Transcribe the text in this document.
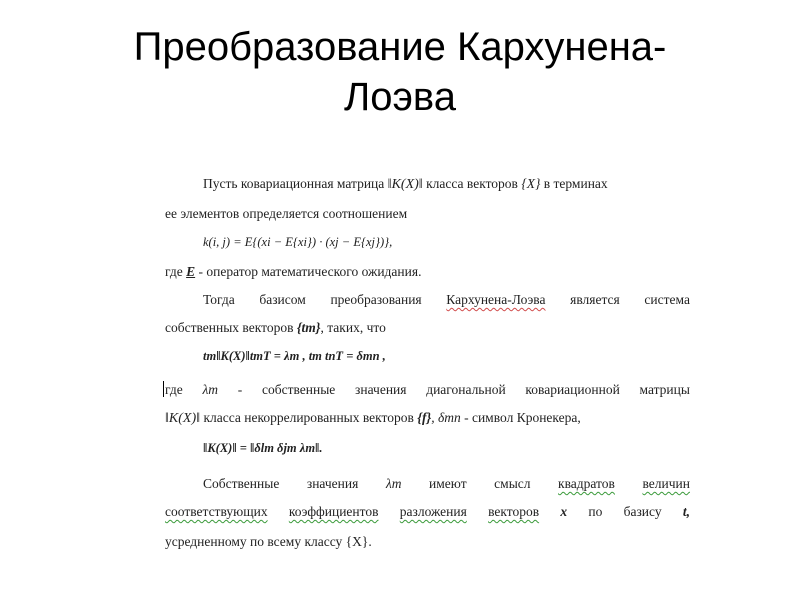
Преобразование Кархунена-
Лоэва
Пусть ковариационная матрица ‖K(X)‖ класса векторов {X} в терминах
ее элементов определяется соотношением
k(i, j) = E{(xi − E{xi}) · (xj − E{xj})},
где E - оператор математического ожидания.
Тогда базисом преобразования Кархунена-Лоэва является система
собственных векторов {tm}, таких, что
tm‖K(X)‖tmT = λm , tm tnT = δmn ,
где λm - собственные значения диагональной ковариационной матрицы
‖K(X)‖ класса некоррелированных векторов {f}, δmn - символ Кронекера,
‖K(X)‖ = ‖δlm δjm λm‖.
Собственные значения λm имеют смысл квадратов величин
соответствующих коэффициентов разложения векторов x по базису t,
усредненному по всему классу {X}.
